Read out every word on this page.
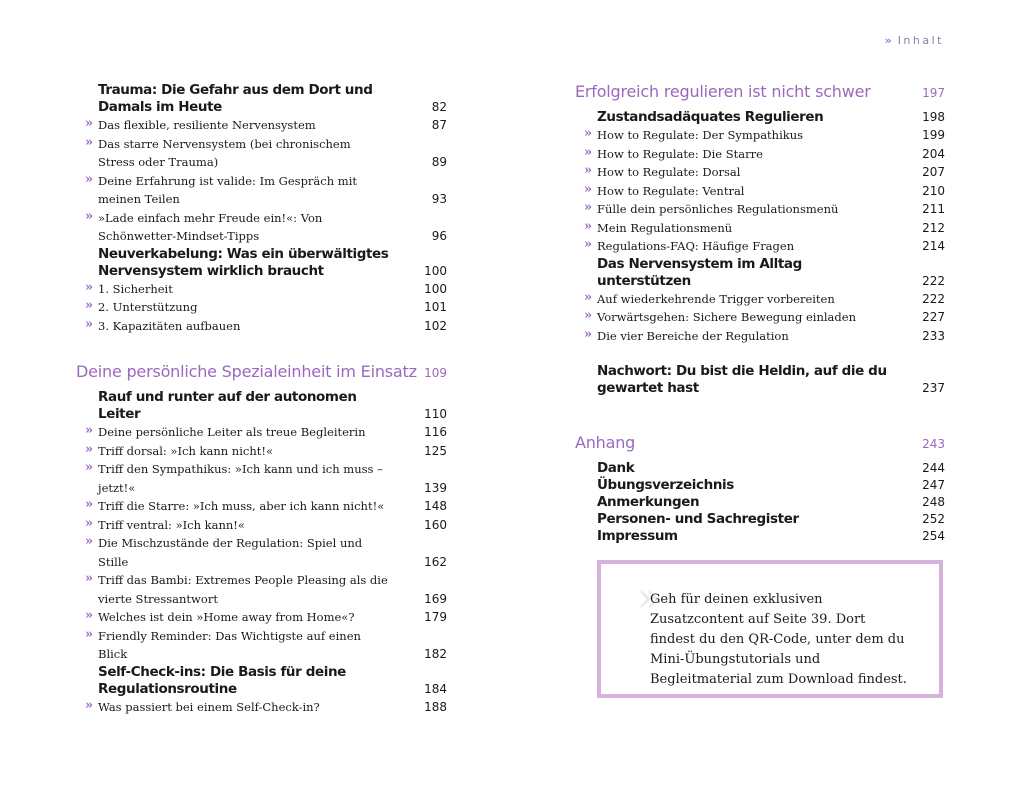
» Inhalt
Trauma: Die Gefahr aus dem Dort und Damals im Heute	82
» Das flexible, resiliente Nervensystem	87
» Das starre Nervensystem (bei chronischem Stress oder Trauma)	89
» Deine Erfahrung ist valide: Im Gespräch mit meinen Teilen	93
» »Lade einfach mehr Freude ein!«: Von Schönwetter-Mindset-Tipps	96
Neuverkabelung: Was ein überwältigtes Nervensystem wirklich braucht	100
» 1. Sicherheit	100
» 2. Unterstützung	101
» 3. Kapazitäten aufbauen	102
Deine persönliche Spezialeinheit im Einsatz 109
Rauf und runter auf der autonomen Leiter	110
» Deine persönliche Leiter als treue Begleiterin	116
» Triff dorsal: »Ich kann nicht!«	125
» Triff den Sympathikus: »Ich kann und ich muss – jetzt!«	139
» Triff die Starre: »Ich muss, aber ich kann nicht!«	148
» Triff ventral: »Ich kann!«	160
» Die Mischzustände der Regulation: Spiel und Stille	162
» Triff das Bambi: Extremes People Pleasing als die vierte Stressantwort	169
» Welches ist dein »Home away from Home«?	179
» Friendly Reminder: Das Wichtigste auf einen Blick	182
Self-Check-ins: Die Basis für deine Regulationsroutine	184
» Was passiert bei einem Self-Check-in?	188
Erfolgreich regulieren ist nicht schwer	197
Zustandsadäquates Regulieren	198
» How to Regulate: Der Sympathikus	199
» How to Regulate: Die Starre	204
» How to Regulate: Dorsal	207
» How to Regulate: Ventral	210
» Fülle dein persönliches Regulationsmenü	211
» Mein Regulationsmenü	212
» Regulations-FAQ: Häufige Fragen	214
Das Nervensystem im Alltag unterstützen	222
» Auf wiederkehrende Trigger vorbereiten	222
» Vorwärtsgehen: Sichere Bewegung einladen	227
» Die vier Bereiche der Regulation	233
Nachwort: Du bist die Heldin, auf die du gewartet hast	237
Anhang	243
Dank	244
Übungsverzeichnis	247
Anmerkungen	248
Personen- und Sachregister	252
Impressum	254
»
Geh für deinen exklusiven Zusatzcontent auf Seite 39. Dort findest du den QR-Code, unter dem du Mini-Übungstutorials und Begleitmaterial zum Download findest.
